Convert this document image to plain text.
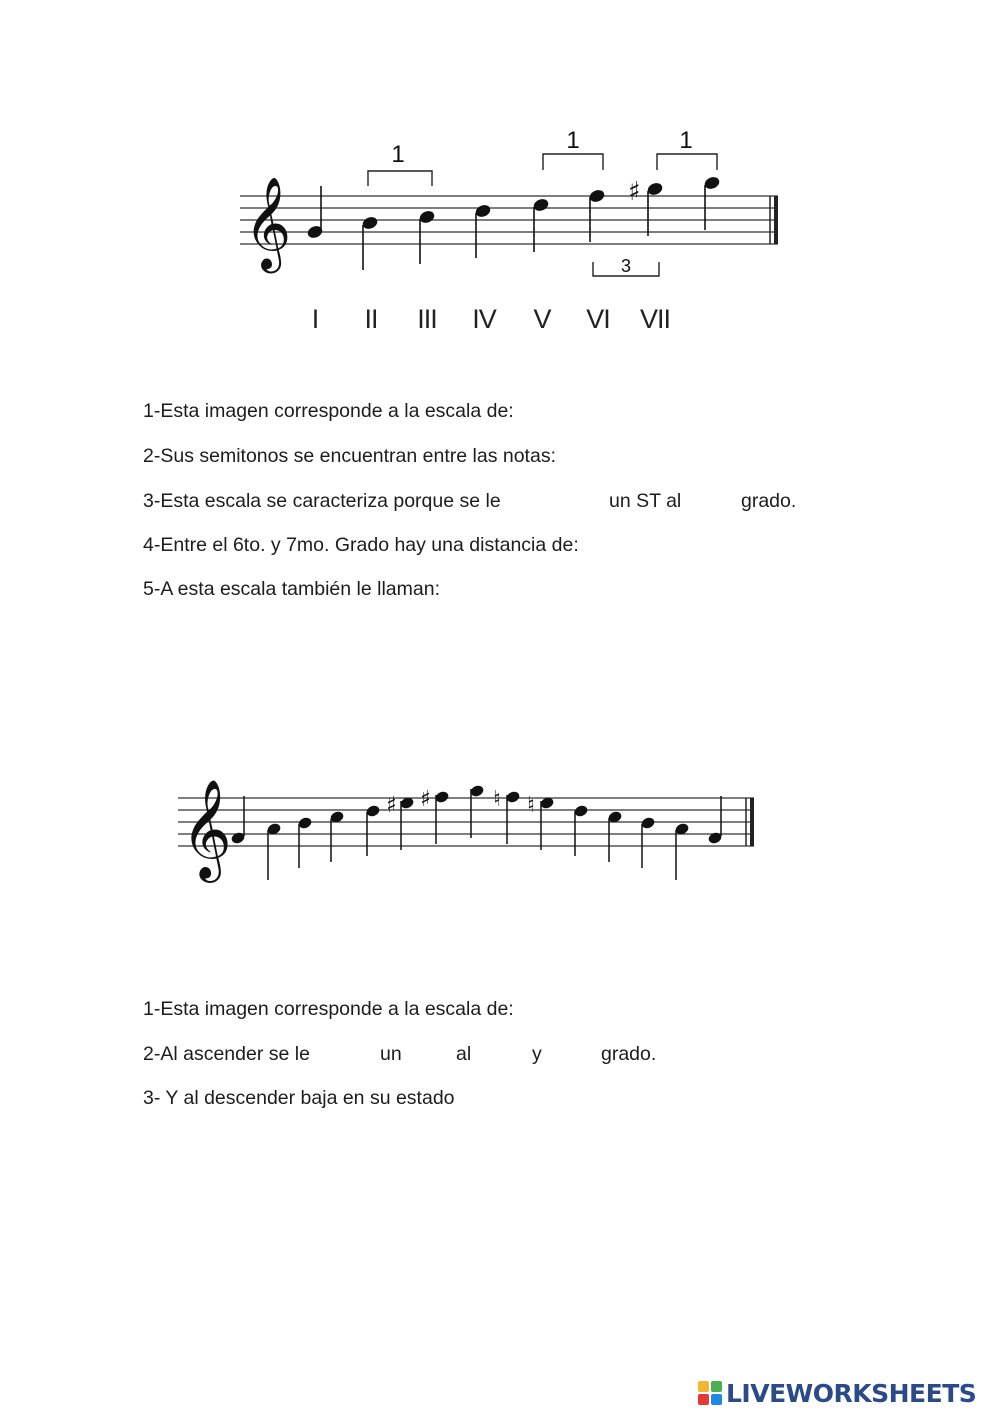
𝄞	♯
1
1	1
3
I II III IV V VI VII
1-Esta imagen corresponde a la escala de:
2-Sus semitonos se encuentran entre las notas:
3-Esta escala se caracteriza porque se le	un ST al	grado.
4-Entre el 6to. y 7mo. Grado hay una distancia de:
5-A esta escala también le llaman:
𝄞	♯ ♯	♮ ♮
1-Esta imagen corresponde a la escala de:
2-Al ascender se le	un	al	y	grado.
3- Y al descender baja en su estado
LIVEWORKSHEETS
